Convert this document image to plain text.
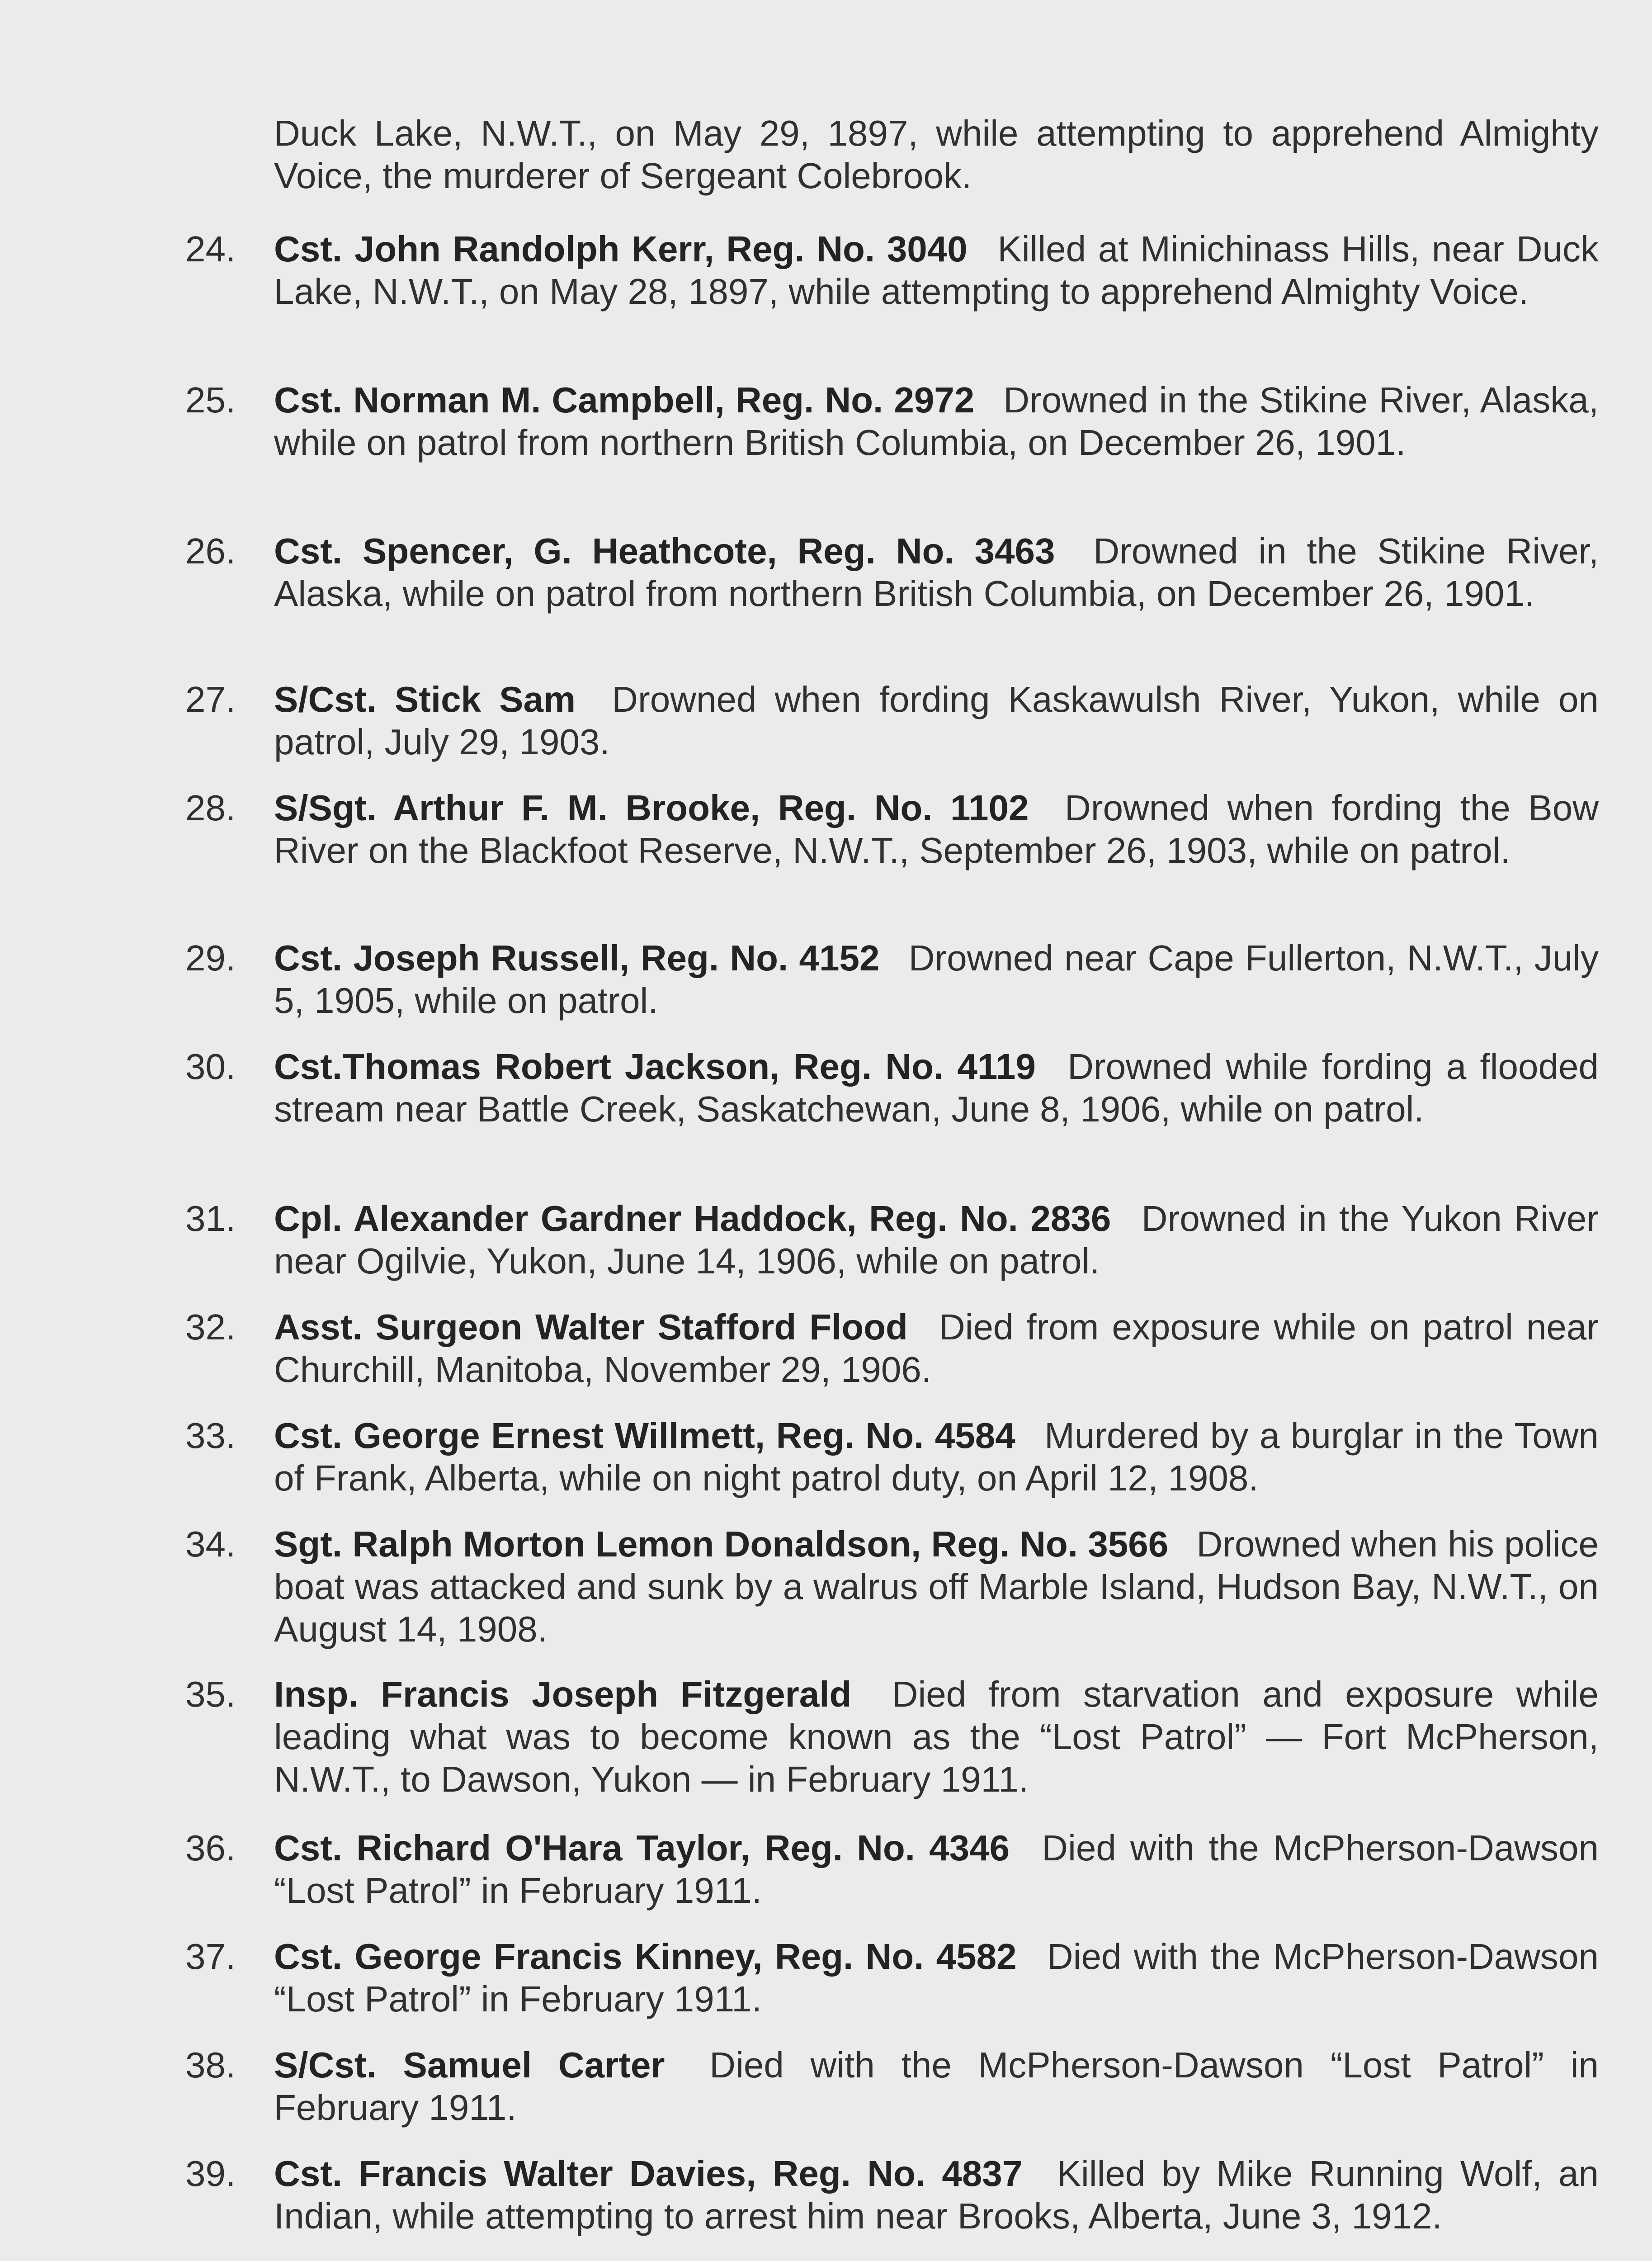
Duck Lake, N.W.T., on May 29, 1897, while attempting to apprehend Almighty Voice, the murderer of Sergeant Colebrook.

24.	Cst. John Randolph Kerr, Reg. No. 3040 Killed at Minichinass Hills, near Duck Lake, N.W.T., on May 28, 1897, while attempting to apprehend Almighty Voice.
25.	Cst. Norman M. Campbell, Reg. No. 2972 Drowned in the Stikine River, Alaska, while on patrol from northern British Columbia, on December 26, 1901.
26.	Cst. Spencer, G. Heathcote, Reg. No. 3463 Drowned in the Stikine River, Alaska, while on patrol from northern British Columbia, on December 26, 1901.
27.	S/Cst. Stick Sam Drowned when fording Kaskawulsh River, Yukon, while on patrol, July 29, 1903.
28.	S/Sgt. Arthur F. M. Brooke, Reg. No. 1102 Drowned when fording the Bow River on the Blackfoot Reserve, N.W.T., September 26, 1903, while on patrol.
29.	Cst. Joseph Russell, Reg. No. 4152 Drowned near Cape Fullerton, N.W.T., July 5, 1905, while on patrol.
30.	Cst.Thomas Robert Jackson, Reg. No. 4119 Drowned while fording a flooded stream near Battle Creek, Saskatchewan, June 8, 1906, while on patrol.
31.	Cpl. Alexander Gardner Haddock, Reg. No. 2836 Drowned in the Yukon River near Ogilvie, Yukon, June 14, 1906, while on patrol.
32.	Asst. Surgeon Walter Stafford Flood Died from exposure while on patrol near Churchill, Manitoba, November 29, 1906.
33.	Cst. George Ernest Willmett, Reg. No. 4584 Murdered by a burglar in the Town of Frank, Alberta, while on night patrol duty, on April 12, 1908.
34.	Sgt. Ralph Morton Lemon Donaldson, Reg. No. 3566 Drowned when his police boat was attacked and sunk by a walrus off Marble Island, Hudson Bay, N.W.T., on August 14, 1908.
35.	Insp. Francis Joseph Fitzgerald Died from starvation and exposure while leading what was to become known as the “Lost Patrol” — Fort McPherson, N.W.T., to Dawson, Yukon — in February 1911.
36.	Cst. Richard O'Hara Taylor, Reg. No. 4346 Died with the McPherson-Dawson “Lost Patrol” in February 1911.
37.	Cst. George Francis Kinney, Reg. No. 4582 Died with the McPherson-Dawson “Lost Patrol” in February 1911.
38.	S/Cst. Samuel Carter Died with the McPherson-Dawson “Lost Patrol” in February 1911.
39.	Cst. Francis Walter Davies, Reg. No. 4837 Killed by Mike Running Wolf, an Indian, while attempting to arrest him near Brooks, Alberta, June 3, 1912.
